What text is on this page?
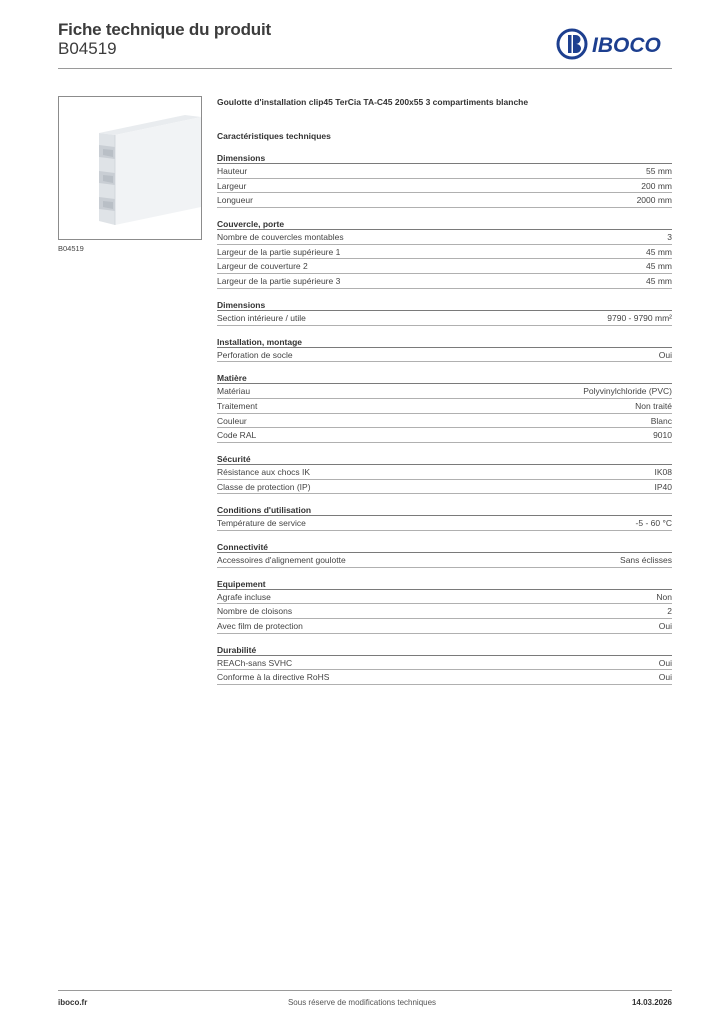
Fiche technique du produit
B04519	IBOCO
B04519
Goulotte d'installation clip45 TerCia TA-C45 200x55 3 compartiments blanche
Caractéristiques techniques
Dimensions
Hauteur	55 mm
Largeur	200 mm
Longueur	2000 mm
Couvercle, porte
Nombre de couvercles montables	3
Largeur de la partie supérieure 1	45 mm
Largeur de couverture 2	45 mm
Largeur de la partie supérieure 3	45 mm
Dimensions
Section intérieure / utile	9790 - 9790 mm²
Installation, montage
Perforation de socle	Oui
Matière
Matériau	Polyvinylchloride (PVC)
Traitement	Non traité
Couleur	Blanc
Code RAL	9010
Sécurité
Résistance aux chocs IK	IK08
Classe de protection (IP)	IP40
Conditions d'utilisation
Température de service	-5 - 60 °C
Connectivité
Accessoires d'alignement goulotte	Sans éclisses
Equipement
Agrafe incluse	Non
Nombre de cloisons	2
Avec film de protection	Oui
Durabilité
REACh-sans SVHC	Oui
Conforme à la directive RoHS	Oui
iboco.fr	Sous réserve de modifications techniques	14.03.2026
